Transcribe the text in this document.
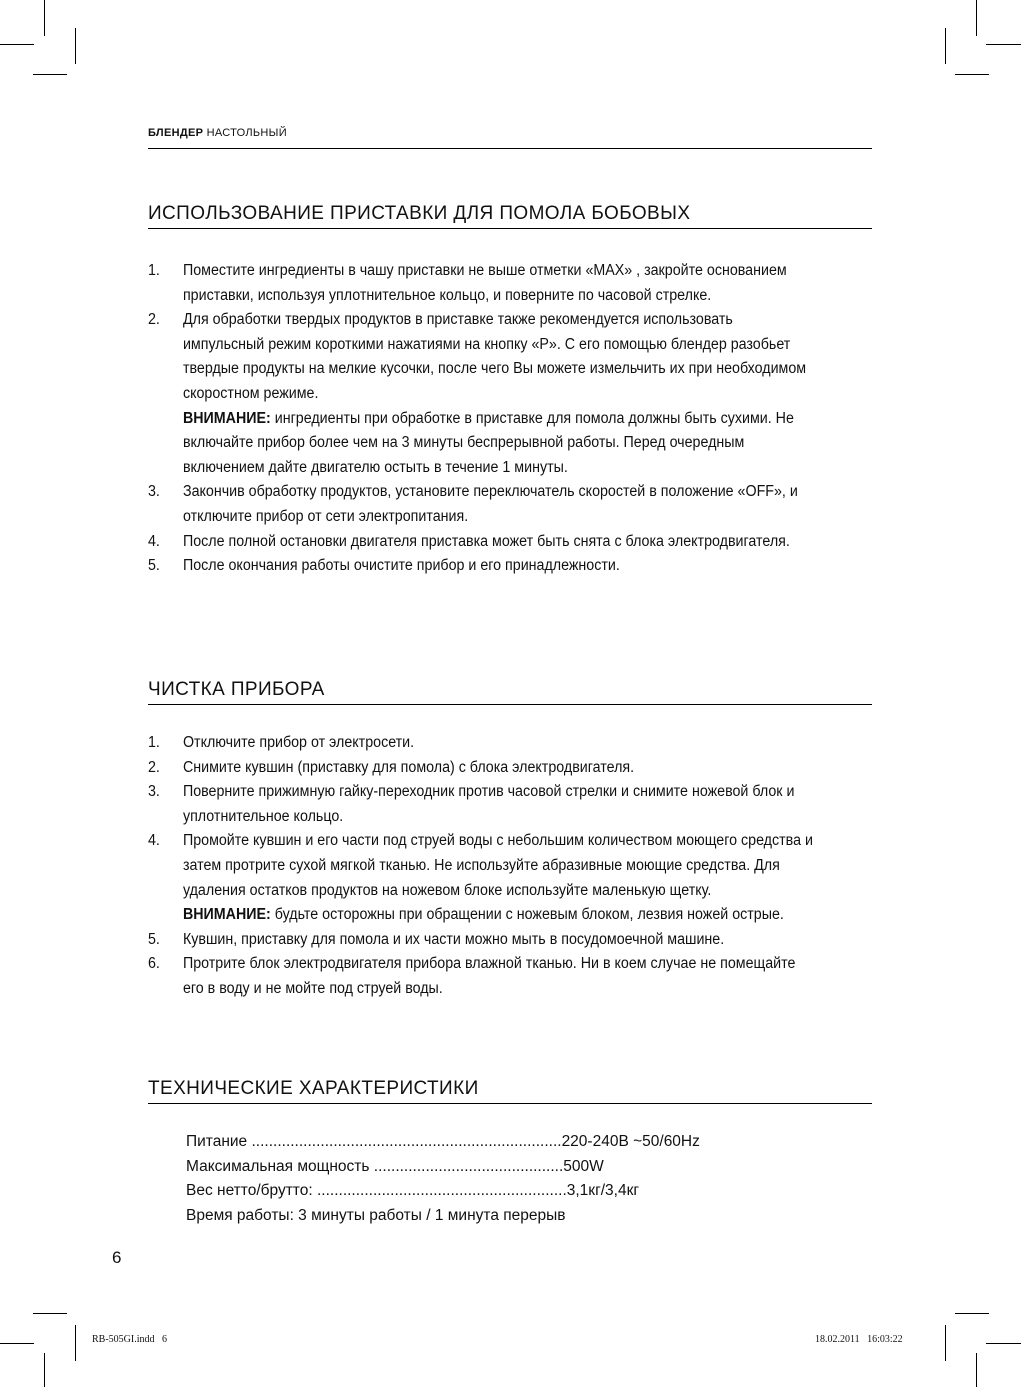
БЛЕНДЕР НАСТОЛЬНЫЙ
ИСПОЛЬЗОВАНИЕ ПРИСТАВКИ ДЛЯ ПОМОЛА БОБОВЫХ
1. Поместите ингредиенты в чашу приставки не выше отметки «MAX» , закройте основанием приставки, используя уплотнительное кольцо, и поверните по часовой стрелке.
2. Для обработки твердых продуктов в приставке также рекомендуется использовать импульсный режим короткими нажатиями на кнопку «P». С его помощью блендер разобьет твердые продукты на мелкие кусочки, после чего Вы можете измельчить их при необходимом скоростном режиме.
ВНИМАНИЕ: ингредиенты при обработке в приставке для помола должны быть сухими. Не включайте прибор более чем на 3 минуты беспрерывной работы. Перед очередным включением дайте двигателю остыть в течение 1 минуты.
3. Закончив обработку продуктов, установите переключатель скоростей в положение «OFF», и отключите прибор от сети электропитания.
4. После полной остановки двигателя приставка может быть снята с блока электродвигателя.
5. После окончания работы очистите прибор и его принадлежности.
ЧИСТКА ПРИБОРА
1. Отключите прибор от электросети.
2. Снимите кувшин (приставку для помола) с блока электродвигателя.
3. Поверните прижимную гайку-переходник против часовой стрелки и снимите ножевой блок и уплотнительное кольцо.
4. Промойте кувшин и его части под струей воды с небольшим количеством моющего средства и затем протрите сухой мягкой тканью. Не используйте абразивные моющие средства. Для удаления остатков продуктов на ножевом блоке используйте маленькую щетку.
ВНИМАНИЕ: будьте осторожны при обращении с ножевым блоком, лезвия ножей острые.
5. Кувшин, приставку для помола и их части можно мыть в посудомоечной машине.
6. Протрите блок электродвигателя прибора влажной тканью. Ни в коем случае не помещайте его в воду и не мойте под струей воды.
ТЕХНИЧЕСКИЕ ХАРАКТЕРИСТИКИ
Питание ........................................................................220-240В ~50/60Hz
Максимальная мощность ............................................500W
Вес нетто/брутто: ..........................................................3,1кг/3,4кг
Время работы: 3 минуты работы / 1 минута перерыв
6
RB-505GI.indd   6	18.02.2011   16:03:22
